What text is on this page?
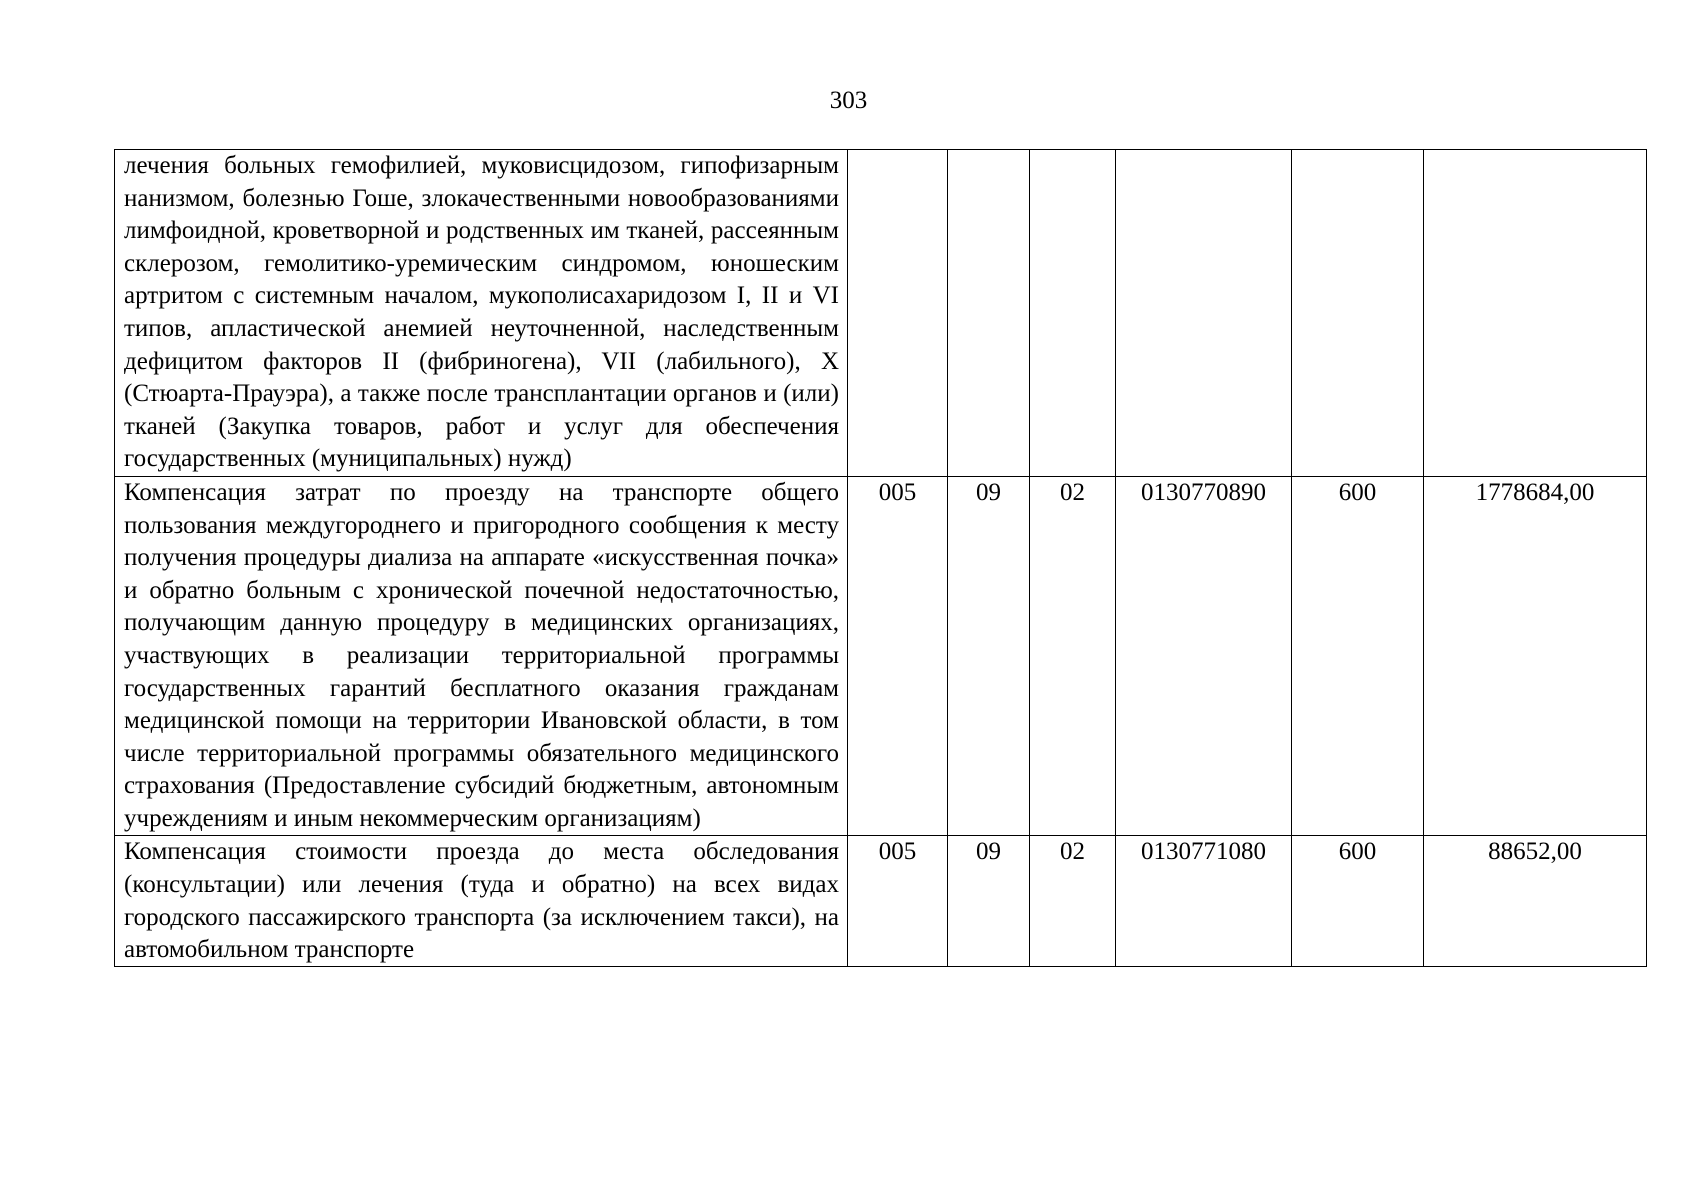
303
лечения больных гемофилией, муковисцидозом, гипофизарным нанизмом, болезнью Гоше, злокачественными новообразованиями лимфоидной, кроветворной и родственных им тканей, рассеянным склерозом, гемолитико-уремическим синдромом, юношеским артритом с системным началом, мукополисахаридозом I, II и VI типов, апластической анемией неуточненной, наследственным дефицитом факторов II (фибриногена), VII (лабильного), X (Стюарта-Прауэра), а также после трансплантации органов и (или) тканей (Закупка товаров, работ и услуг для обеспечения государственных (муниципальных) нужд)						
Компенсация затрат по проезду на транспорте общего пользования междугороднего и пригородного сообщения к месту получения процедуры диализа на аппарате «искусственная почка» и обратно больным с хронической почечной недостаточностью, получающим данную процедуру в медицинских организациях, участвующих в реализации территориальной программы государственных гарантий бесплатного оказания гражданам медицинской помощи на территории Ивановской области, в том числе территориальной программы обязательного медицинского страхования (Предоставление субсидий бюджетным, автономным учреждениям и иным некоммерческим организациям)	005	09	02	0130770890	600	1778684,00

Компенсация стоимости проезда до места обследования (консультации) или лечения (туда и обратно) на всех видах городского пассажирского транспорта (за исключением такси), на автомобильном транспорте	005	09	02	0130771080	600	88652,00
